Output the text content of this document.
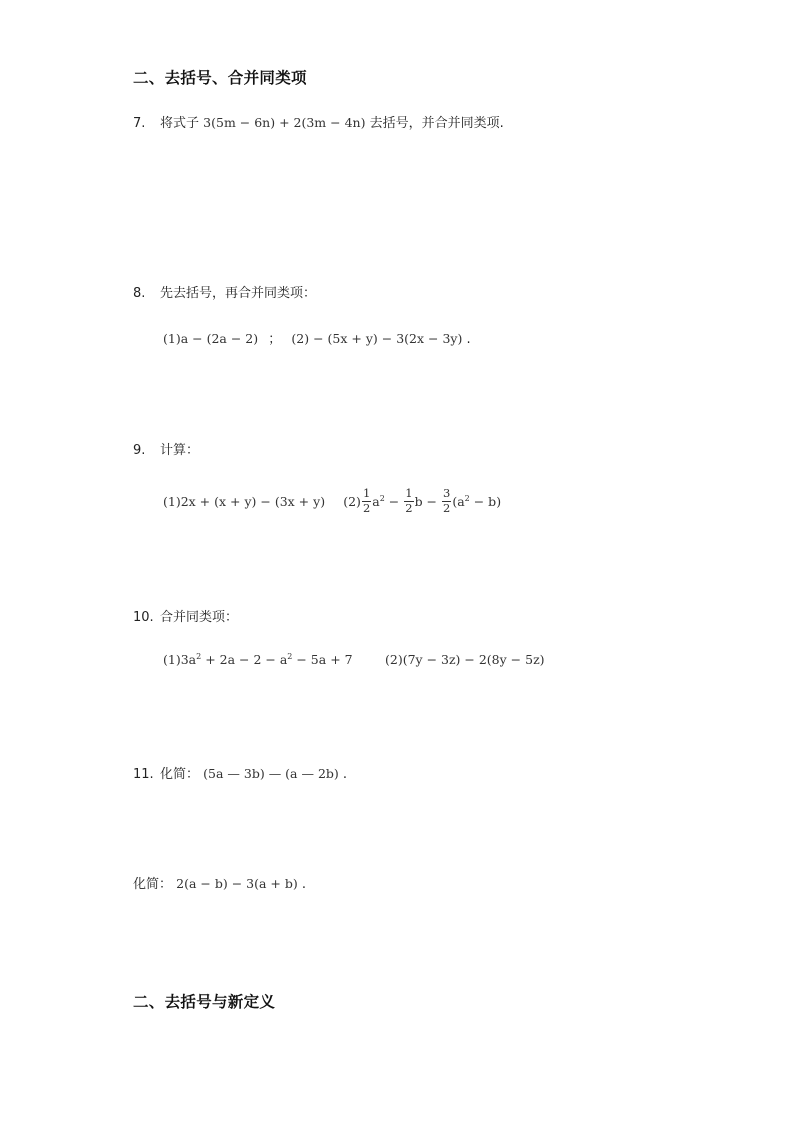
二、去括号、合并同类项
7. 将式子 3(5m − 6n) + 2(3m − 4n) 去括号，并合并同类项.
8. 先去括号，再合并同类项：
(1)a − (2a − 2) ； (2) − (5x + y) − 3(2x − 3y) .
9. 计算：
(1)2x + (x + y) − (3x + y) $(2) \frac{1}{2} a^2 - \frac{1}{2}$ $b - \frac{3}{2} (a^2 - b)$
10. 合并同类项：
$(1)3a^2 + 2a - 2 - a^2 - 5a + 7$	(2)(7y − 3z) − 2(8y − 5z)
11. 化简： (5a — 3b) — (a — 2b) .
化简： 2(a − b) − 3(a + b) .
二、去括号与新定义
